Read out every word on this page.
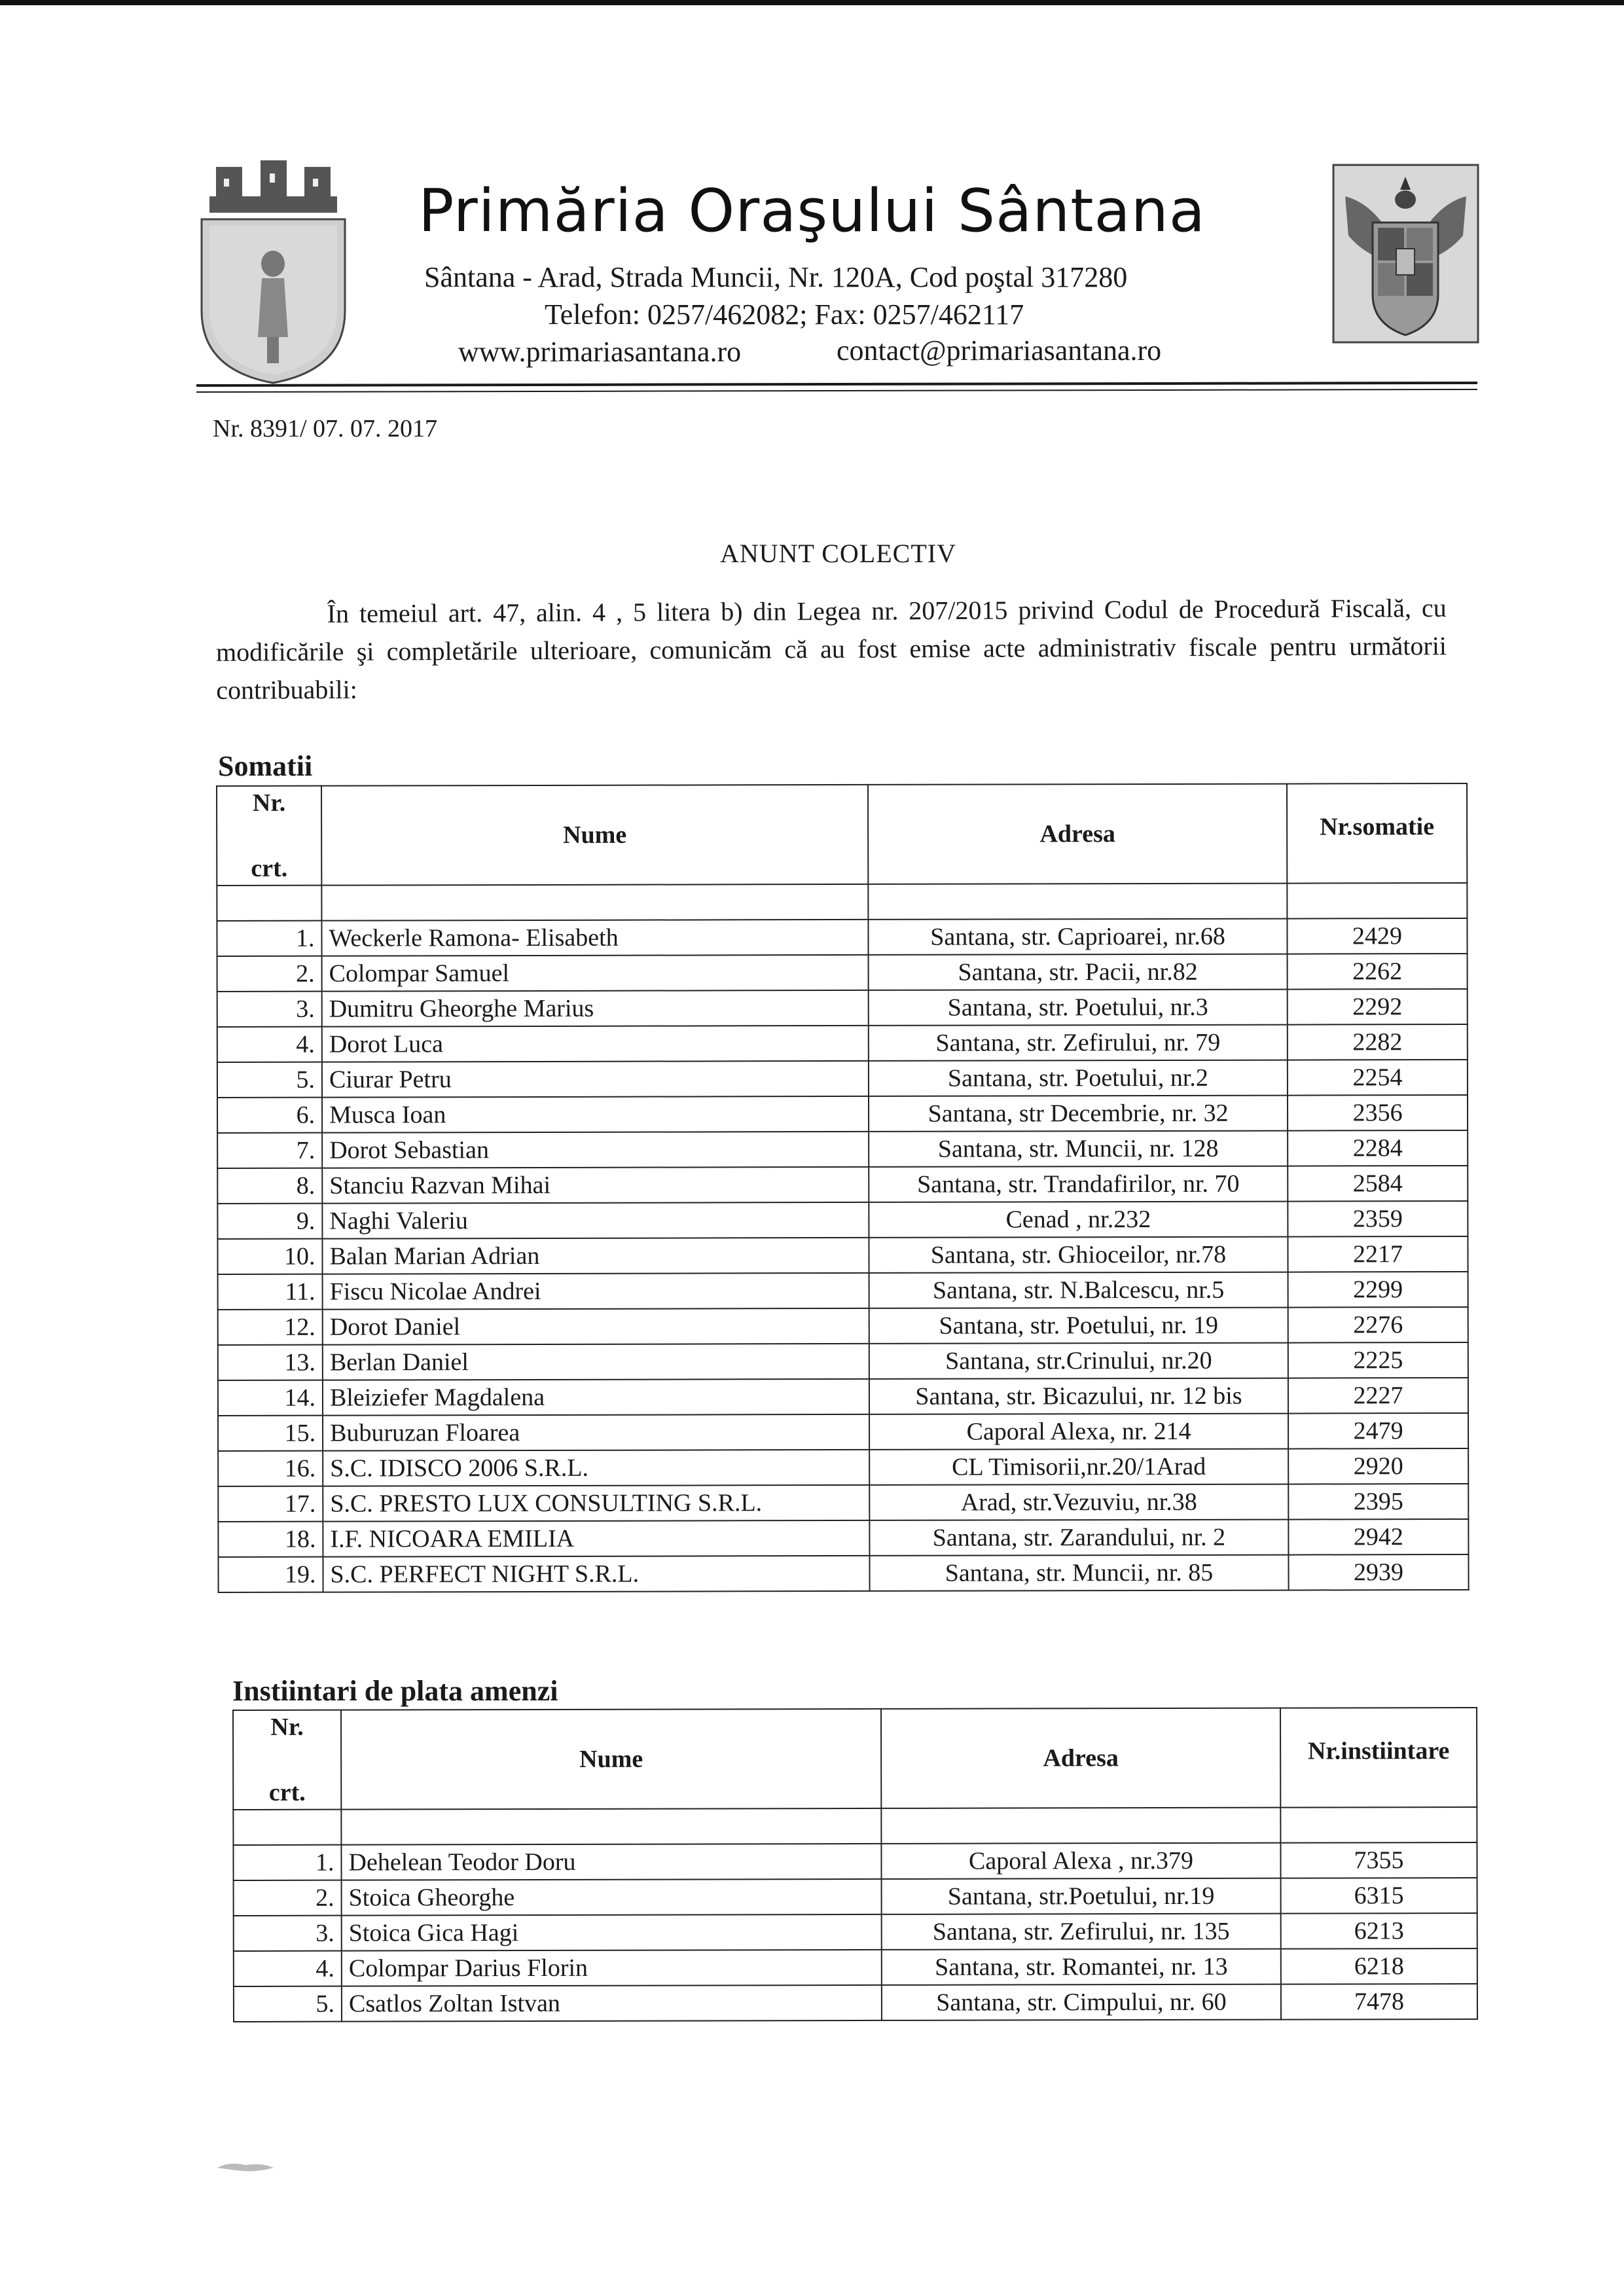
Primăria Oraşului Sântana
Sântana - Arad, Strada Muncii, Nr. 120A, Cod poştal 317280
Telefon: 0257/462082; Fax: 0257/462117
www.primariasantana.ro	contact@primariasantana.ro
Nr. 8391/ 07. 07. 2017
ANUNT COLECTIV
În temeiul art. 47, alin. 4 , 5 litera b) din Legea nr. 207/2015 privind Codul de Procedură Fiscală, cu modificările şi completările ulterioare, comunicăm că au fost emise acte administrativ fiscale pentru următorii contribuabili:
Somatii
Nr.

crt.	Nume	Adresa	Nr.somatie

1.	Weckerle Ramona- Elisabeth	Santana, str. Caprioarei, nr.68	2429
2.	Colompar Samuel	Santana, str. Pacii, nr.82	2262
3.	Dumitru Gheorghe Marius	Santana, str. Poetului, nr.3	2292
4.	Dorot Luca	Santana, str. Zefirului, nr. 79	2282
5.	Ciurar Petru	Santana, str. Poetului, nr.2	2254
6.	Musca Ioan	Santana, str Decembrie, nr. 32	2356
7.	Dorot Sebastian	Santana, str. Muncii, nr. 128	2284
8.	Stanciu Razvan Mihai	Santana, str. Trandafirilor, nr. 70	2584
9.	Naghi Valeriu	Cenad , nr.232	2359
10.	Balan Marian Adrian	Santana, str. Ghioceilor, nr.78	2217
11.	Fiscu Nicolae Andrei	Santana, str. N.Balcescu, nr.5	2299
12.	Dorot Daniel	Santana, str. Poetului, nr. 19	2276
13.	Berlan Daniel	Santana, str.Crinului, nr.20	2225
14.	Bleiziefer Magdalena	Santana, str. Bicazului, nr. 12 bis	2227
15.	Buburuzan Floarea	Caporal Alexa, nr. 214	2479
16.	S.C. IDISCO 2006 S.R.L.	CL Timisorii,nr.20/1Arad	2920
17.	S.C. PRESTO LUX CONSULTING S.R.L.	Arad, str.Vezuviu, nr.38	2395
18.	I.F. NICOARA EMILIA	Santana, str. Zarandului, nr. 2	2942
19.	S.C. PERFECT NIGHT S.R.L.	Santana, str. Muncii, nr. 85	2939
Instiintari de plata amenzi
Nr.

crt.	Nume	Adresa	Nr.instiintare

1.	Dehelean Teodor Doru	Caporal Alexa , nr.379	7355
2.	Stoica Gheorghe	Santana, str.Poetului, nr.19	6315
3.	Stoica Gica Hagi	Santana, str. Zefirului, nr. 135	6213
4.	Colompar Darius Florin	Santana, str. Romantei, nr. 13	6218
5.	Csatlos Zoltan Istvan	Santana, str. Cimpului, nr. 60	7478
